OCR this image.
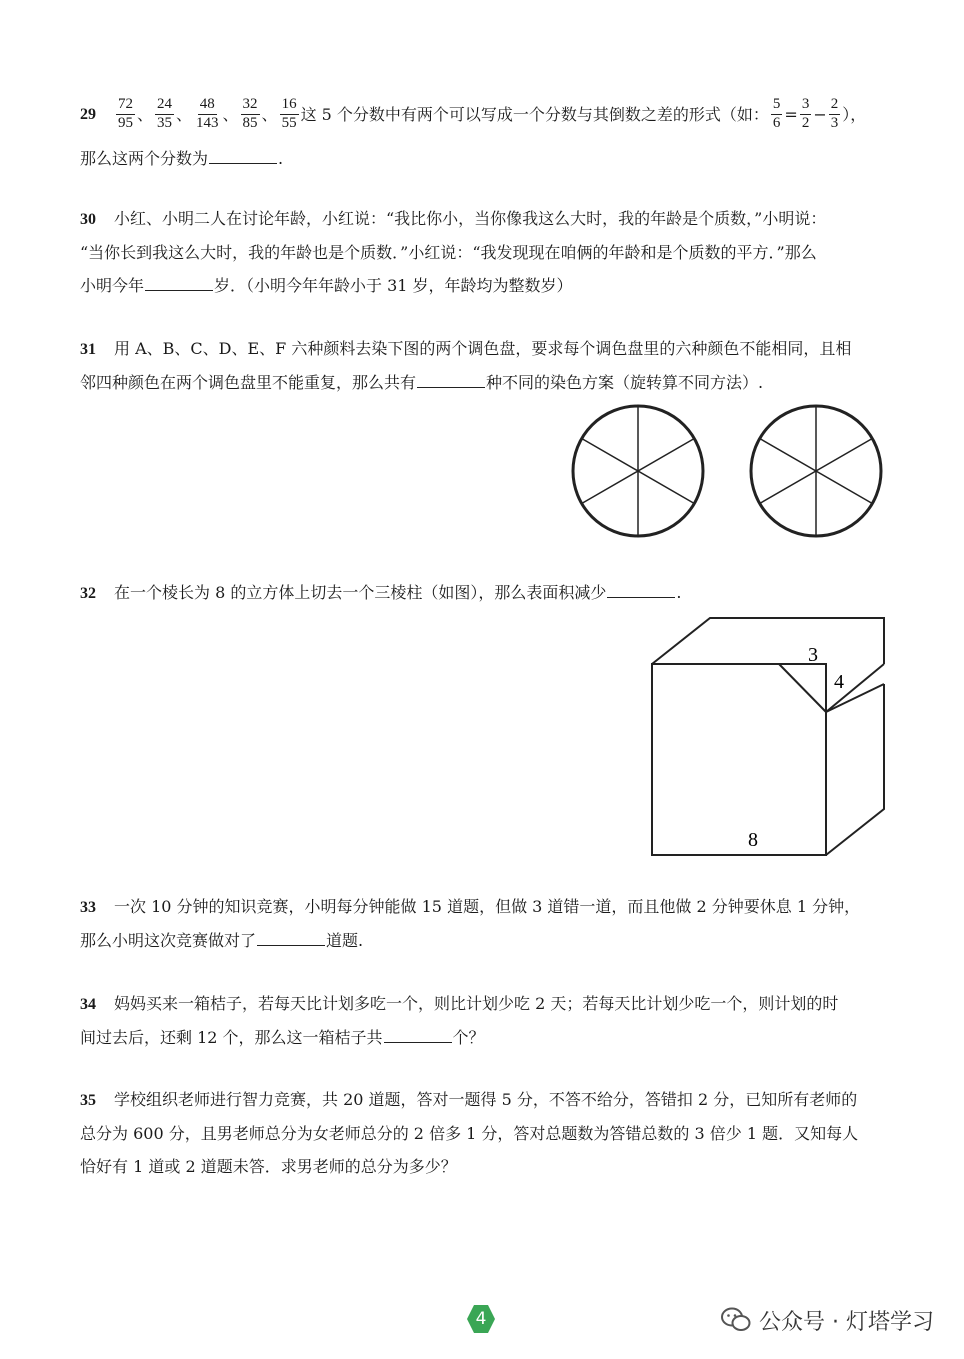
$29 \frac{72}{95}$ 、 $\frac{24}{35}$ 、 $\frac{48}{143}$ 、 $\frac{32}{85}$ 、 $\frac{16}{55}$ 这 5 个分数中有两个可以写成一个分数与其倒数之差的形式（如： $\frac{5}{6} = \frac{3}{2} - \frac{2}{3}$ ），
那么这两个分数为	.
30 小红、小明二人在讨论年龄，小红说：“我比你小，当你像我这么大时，我的年龄是个质数，”小明说：
“当你长到我这么大时，我的年龄也是个质数．”小红说：“我发现现在咱俩的年龄和是个质数的平方．”那么
小明今年	岁．（小明今年年龄小于 31 岁，年龄均为整数岁）
31 用 A、B、C、D、E、F 六种颜料去染下图的两个调色盘，要求每个调色盘里的六种颜色不能相同，且相
邻四种颜色在两个调色盘里不能重复，那么共有	种不同的染色方案（旋转算不同方法）.
32 在一个棱长为 8 的立方体上切去一个三棱柱（如图），那么表面积减少	.
3
4
8
33 一次 10 分钟的知识竞赛，小明每分钟能做 15 道题，但做 3 道错一道，而且他做 2 分钟要休息 1 分钟，
那么小明这次竞赛做对了	道题.
34 妈妈买来一箱桔子，若每天比计划多吃一个，则比计划少吃 2 天；若每天比计划少吃一个，则计划的时
间过去后，还剩 12 个，那么这一箱桔子共	个？
35 学校组织老师进行智力竞赛，共 20 道题，答对一题得 5 分，不答不给分，答错扣 2 分，已知所有老师的
总分为 600 分，且男老师总分为女老师总分的 2 倍多 1 分，答对总题数为答错总数的 3 倍少 1 题．又知每人
恰好有 1 道或 2 道题未答．求男老师的总分为多少？
4	公众号 · 灯塔学习
